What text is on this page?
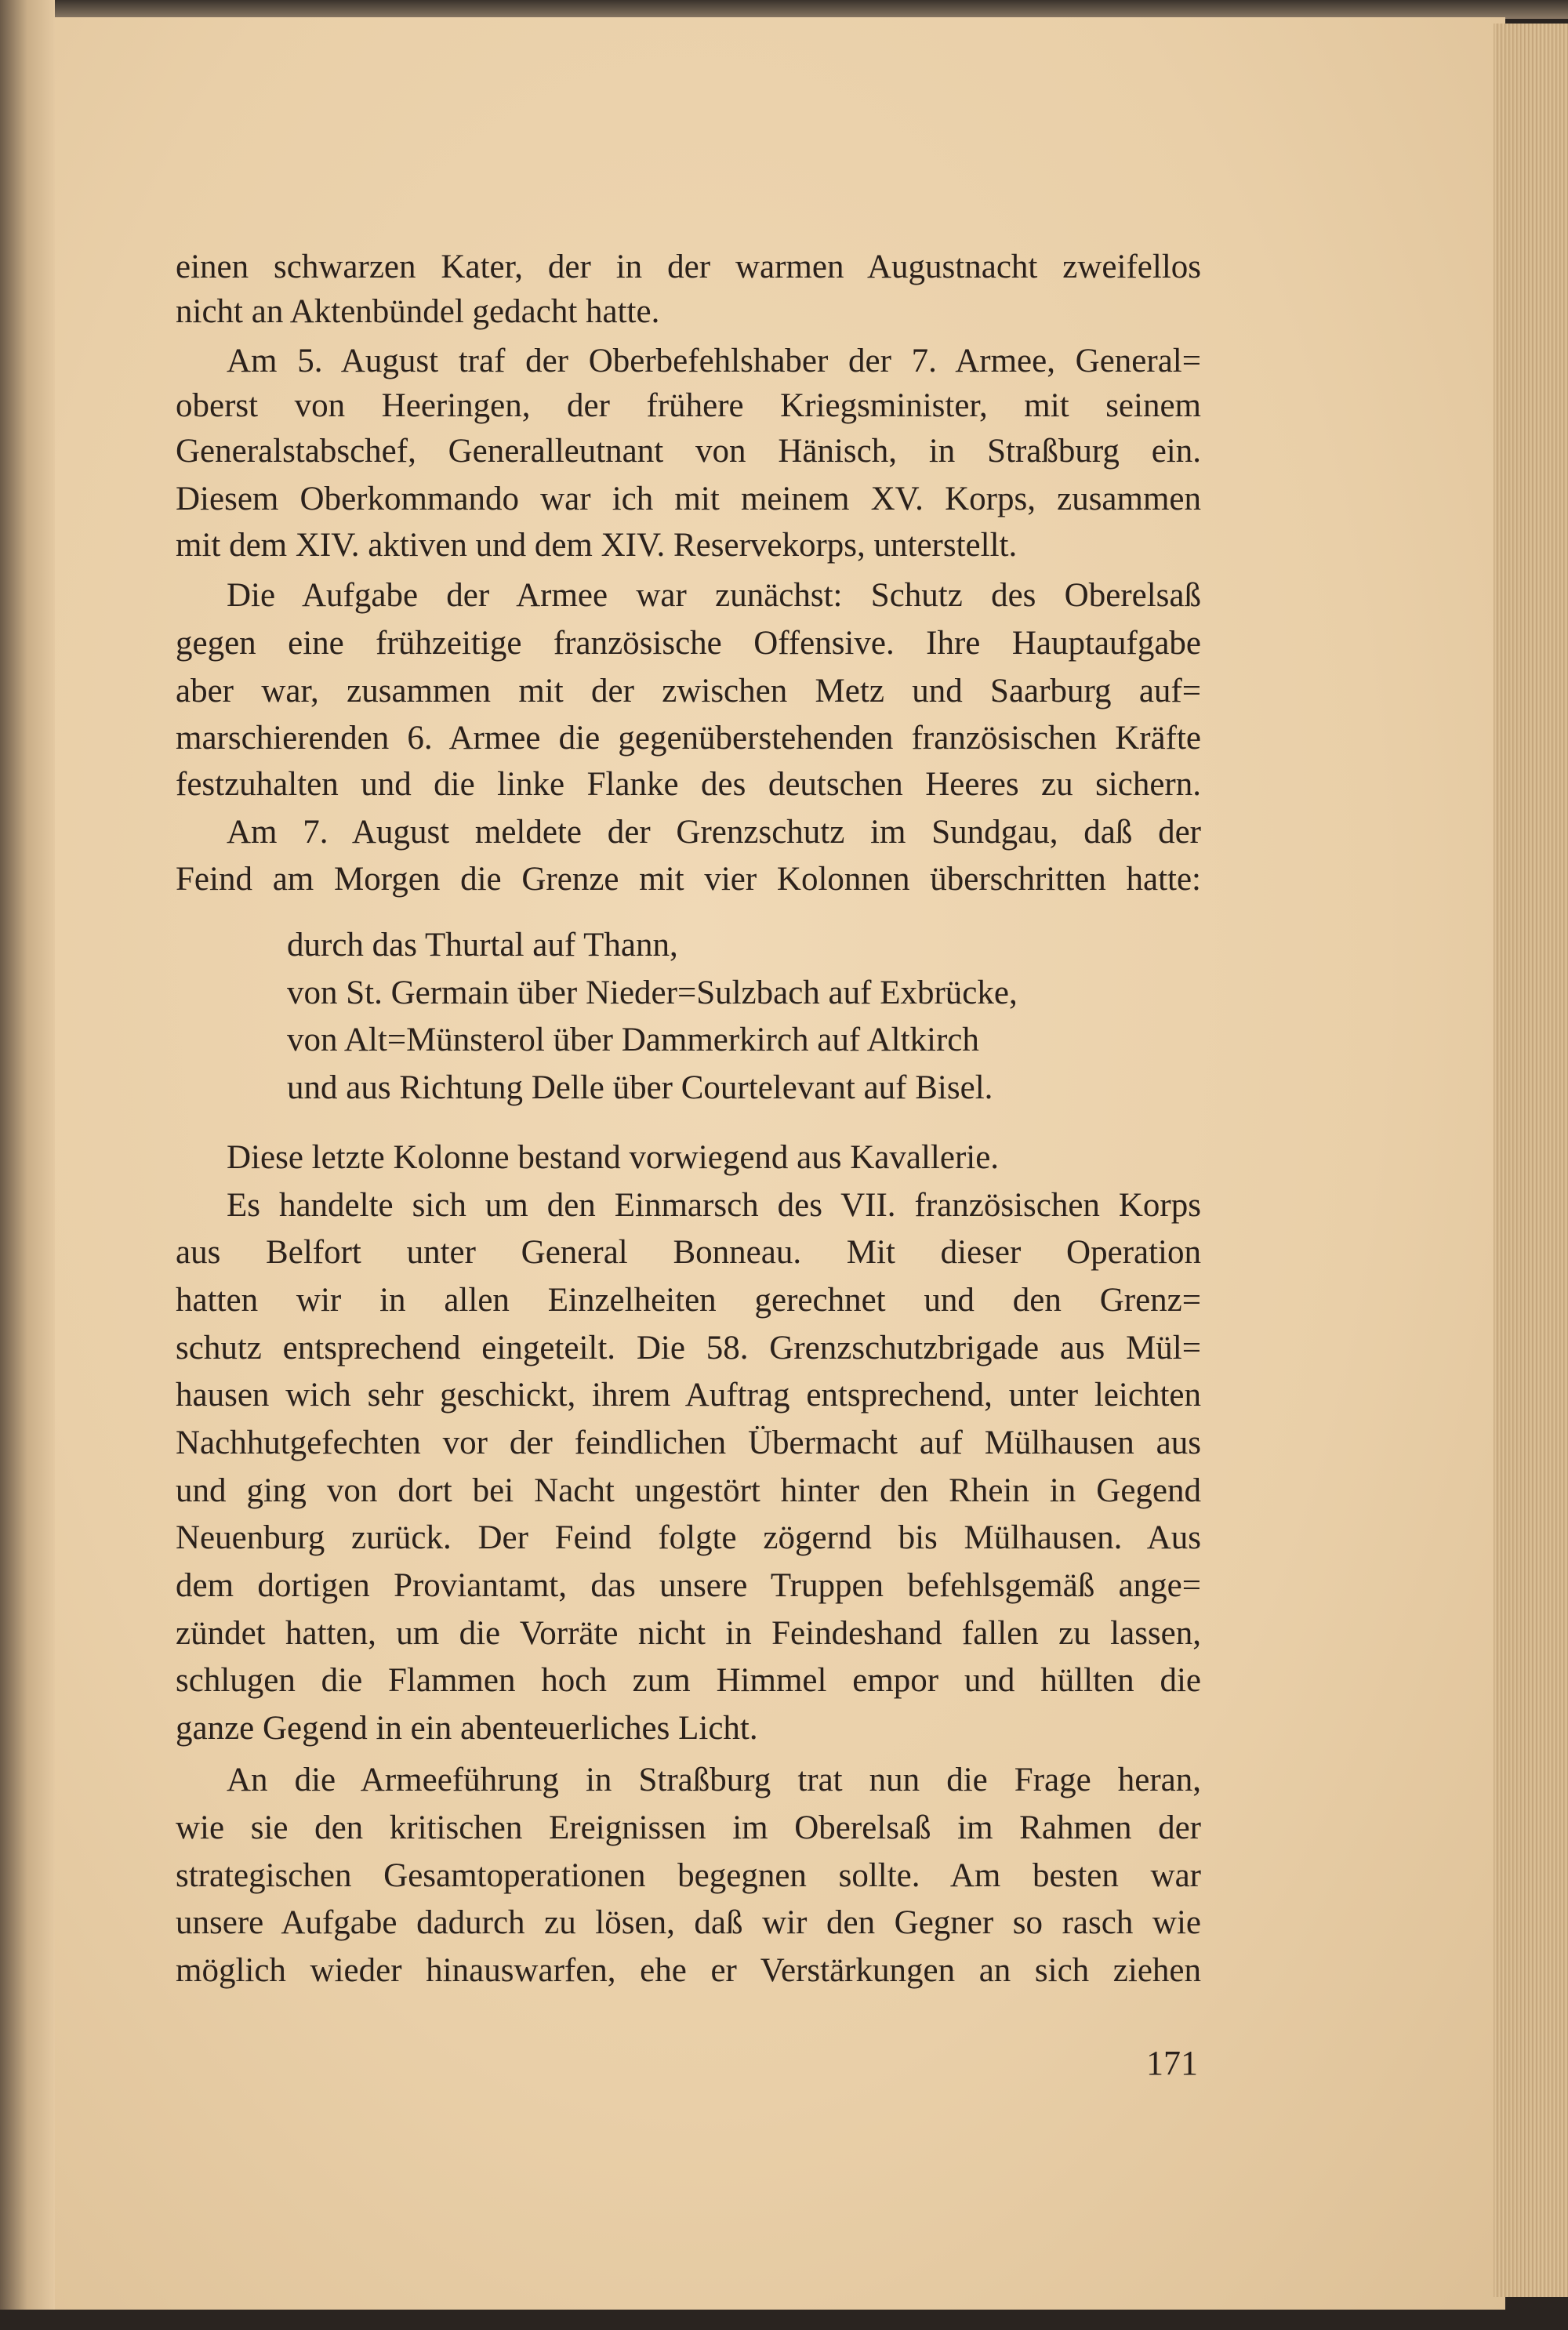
einen schwarzen Kater, der in der warmen Augustnacht zweifellos
nicht an Aktenbündel gedacht hatte.
Am 5. August traf der Oberbefehlshaber der 7. Armee, General=
oberst von Heeringen, der frühere Kriegsminister, mit seinem
Generalstabschef, Generalleutnant von Hänisch, in Straßburg ein.
Diesem Oberkommando war ich mit meinem XV. Korps, zusammen
mit dem XIV. aktiven und dem XIV. Reservekorps, unterstellt.
Die Aufgabe der Armee war zunächst: Schutz des Oberelsaß
gegen eine frühzeitige französische Offensive. Ihre Hauptaufgabe
aber war, zusammen mit der zwischen Metz und Saarburg auf=
marschierenden 6. Armee die gegenüberstehenden französischen Kräfte
festzuhalten und die linke Flanke des deutschen Heeres zu sichern.
Am 7. August meldete der Grenzschutz im Sundgau, daß der
Feind am Morgen die Grenze mit vier Kolonnen überschritten hatte:
durch das Thurtal auf Thann,
von St. Germain über Nieder=Sulzbach auf Exbrücke,
von Alt=Münsterol über Dammerkirch auf Altkirch
und aus Richtung Delle über Courtelevant auf Bisel.
Diese letzte Kolonne bestand vorwiegend aus Kavallerie.
Es handelte sich um den Einmarsch des VII. französischen Korps
aus Belfort unter General Bonneau. Mit dieser Operation
hatten wir in allen Einzelheiten gerechnet und den Grenz=
schutz entsprechend eingeteilt. Die 58. Grenzschutzbrigade aus Mül=
hausen wich sehr geschickt, ihrem Auftrag entsprechend, unter leichten
Nachhutgefechten vor der feindlichen Übermacht auf Mülhausen aus
und ging von dort bei Nacht ungestört hinter den Rhein in Gegend
Neuenburg zurück. Der Feind folgte zögernd bis Mülhausen. Aus
dem dortigen Proviantamt, das unsere Truppen befehlsgemäß ange=
zündet hatten, um die Vorräte nicht in Feindeshand fallen zu lassen,
schlugen die Flammen hoch zum Himmel empor und hüllten die
ganze Gegend in ein abenteuerliches Licht.
An die Armeeführung in Straßburg trat nun die Frage heran,
wie sie den kritischen Ereignissen im Oberelsaß im Rahmen der
strategischen Gesamtoperationen begegnen sollte. Am besten war
unsere Aufgabe dadurch zu lösen, daß wir den Gegner so rasch wie
möglich wieder hinauswarfen, ehe er Verstärkungen an sich ziehen
171
